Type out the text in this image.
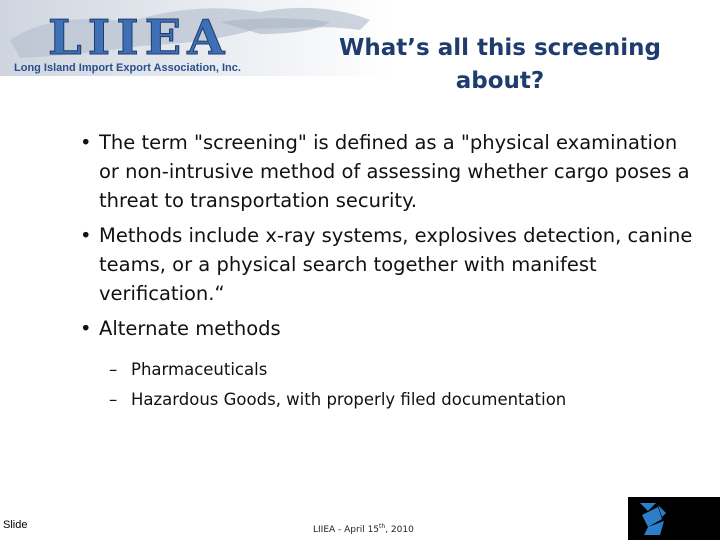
LIIEA
Long Island Import Export Association, Inc.
What’s all this screening
about?
• The term "screening" is defined as a "physical examination or non-intrusive method of assessing whether cargo poses a threat to transportation security.
• Methods include x-ray systems, explosives detection, canine teams, or a physical search together with manifest verification.“
• Alternate methods
– Pharmaceuticals
– Hazardous Goods, with properly filed documentation
Slide	LIIEA - April 15th, 2010
